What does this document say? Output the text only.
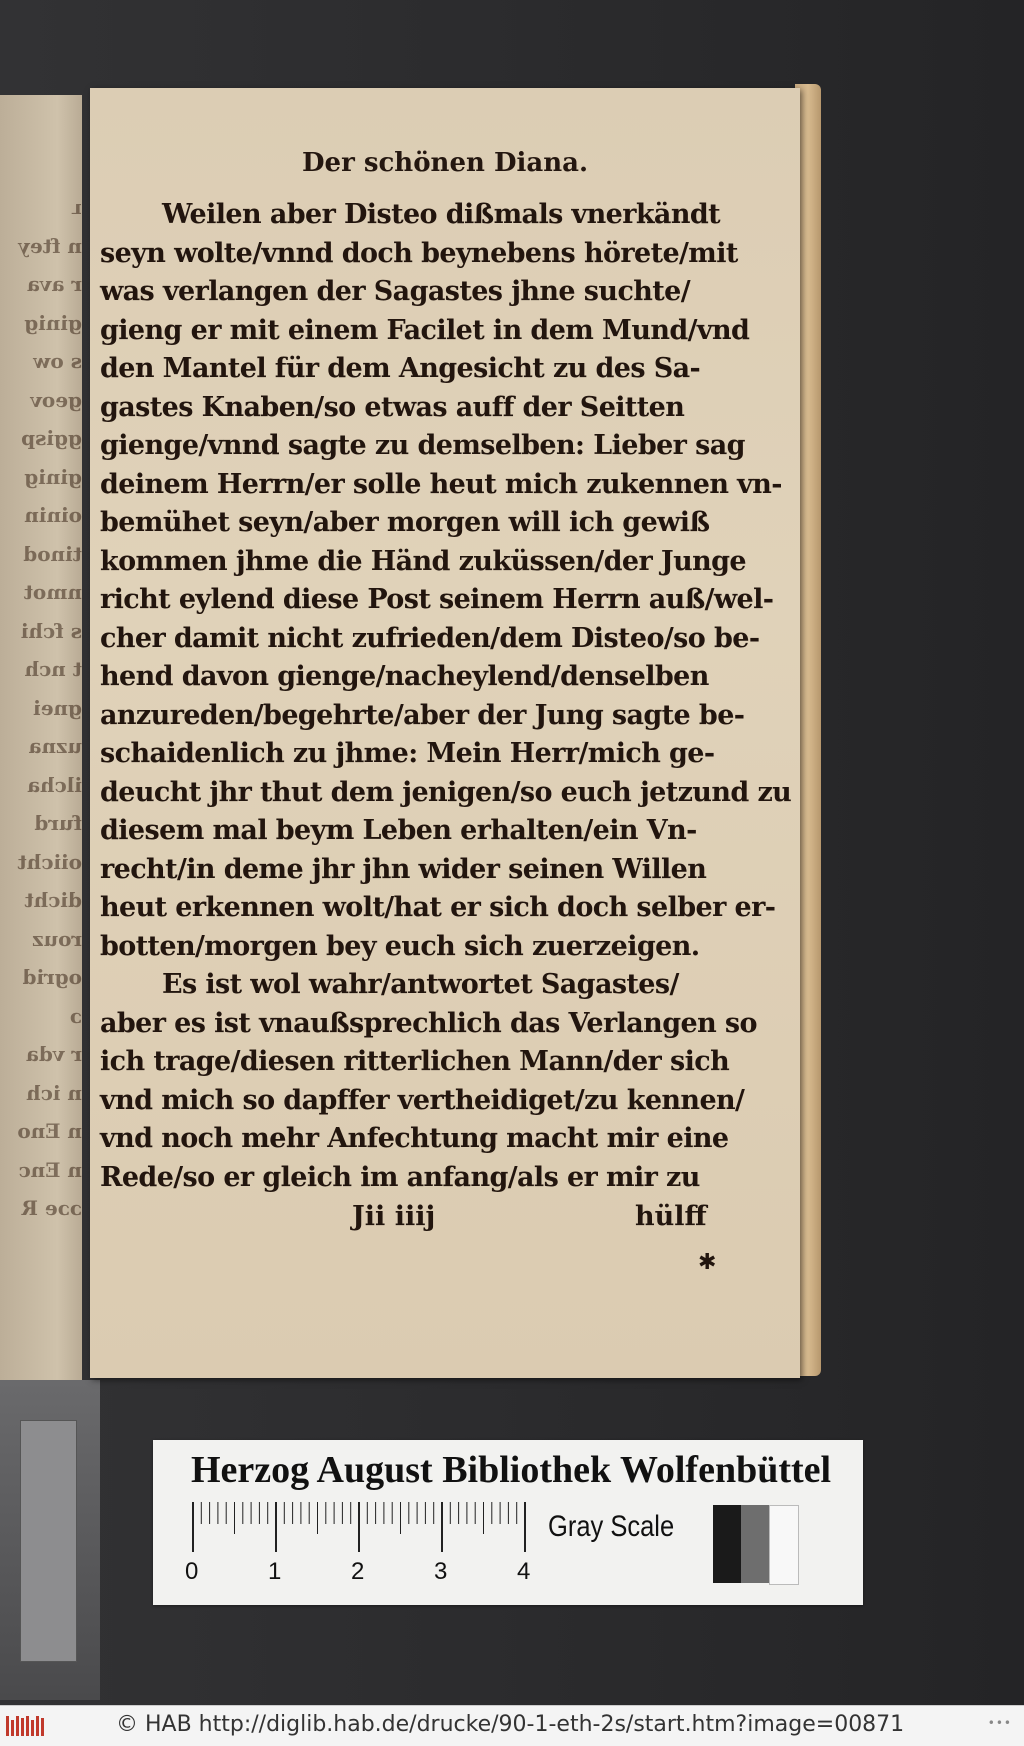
ւ
n ftey
r ava
ginig
s ow
geov
ggisp
ginig
oinin
tinod
nmot
s fchi
t nch
gnei
uzna
ilcha
furd
oiicht
dicht
rouz
ogrid
ɔ
r vda
n ich
n Eno
n Enc
ɔɔe R
Der schönen Diana.
Weilen aber Disteo dißmals vnerkändt
seyn wolte/vnnd doch beynebens hörete/mit
was verlangen der Sagastes jhne suchte/
gieng er mit einem Facilet in dem Mund/vnd
den Mantel für dem Angesicht zu des Sa-
gastes Knaben/so etwas auff der Seitten
gienge/vnnd sagte zu demselben: Lieber sag
deinem Herrn/er solle heut mich zukennen vn-
bemühet seyn/aber morgen will ich gewiß
kommen jhme die Händ zuküssen/der Junge
richt eylend diese Post seinem Herrn auß/wel-
cher damit nicht zufrieden/dem Disteo/so be-
hend davon gienge/nacheylend/denselben
anzureden/begehrte/aber der Jung sagte be-
schaidenlich zu jhme: Mein Herr/mich ge-
deucht jhr thut dem jenigen/so euch jetzund zu
diesem mal beym Leben erhalten/ein Vn-
recht/in deme jhr jhn wider seinen Willen
heut erkennen wolt/hat er sich doch selber er-
botten/morgen bey euch sich zuerzeigen.
Es ist wol wahr/antwortet Sagastes/
aber es ist vnaußsprechlich das Verlangen so
ich trage/diesen ritterlichen Mann/der sich
vnd mich so dapffer vertheidiget/zu kennen/
vnd noch mehr Anfechtung macht mir eine
Rede/so er gleich im anfang/als er mir zu
Jii iiij	hülff
✱
Herzog August Bibliothek Wolfenbüttel
0	1	2	3	4
Gray Scale
© HAB http://diglib.hab.de/drucke/90-1-eth-2s/start.htm?image=00871	•••
